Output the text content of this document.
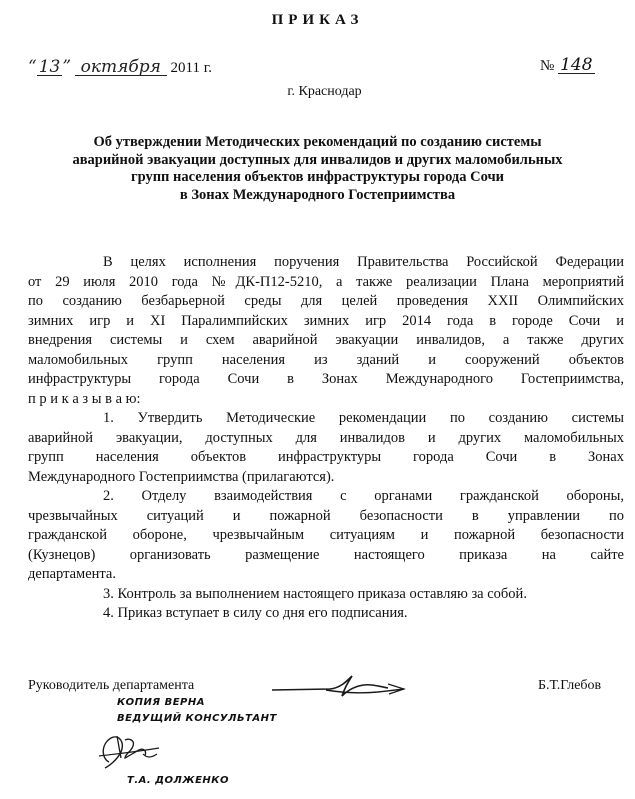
ПРИКАЗ
“ 13 ” октября 2011 г.	№ 148
г. Краснодар
Об утверждении Методических рекомендаций по созданию системы
аварийной эвакуации доступных для инвалидов и других маломобильных
групп населения объектов инфраструктуры города Сочи
в Зонах Международного Гостеприимства
В целях исполнения поручения Правительства Российской Федерации
от 29 июля 2010 года №ДК-П12-5210, а также реализации Плана мероприятий
по созданию безбарьерной среды для целей проведения XXII Олимпийских
зимних игр и XI Паралимпийских зимних игр 2014 года в городе Сочи и
внедрения системы и схем аварийной эвакуации инвалидов, а также других
маломобильных групп населения из зданий и сооружений объектов
инфраструктуры города Сочи в Зонах Международного Гостеприимства,
п р и к а з ы в а ю:
1. Утвердить Методические рекомендации по созданию системы
аварийной эвакуации, доступных для инвалидов и других маломобильных
групп населения объектов инфраструктуры города Сочи в Зонах
Международного Гостеприимства (прилагаются).
2. Отделу взаимодействия с органами гражданской обороны,
чрезвычайных ситуаций и пожарной безопасности в управлении по
гражданской обороне, чрезвычайным ситуациям и пожарной безопасности
(Кузнецов) организовать размещение настоящего приказа на сайте
департамента.
3. Контроль за выполнением настоящего приказа оставляю за собой.
4. Приказ вступает в силу со дня его подписания.
Руководитель департамента	Б.Т.Глебов
КОПИЯ ВЕРНА
ВЕДУЩИЙ КОНСУЛЬТАНТ
Т.А. ДОЛЖЕНКО
